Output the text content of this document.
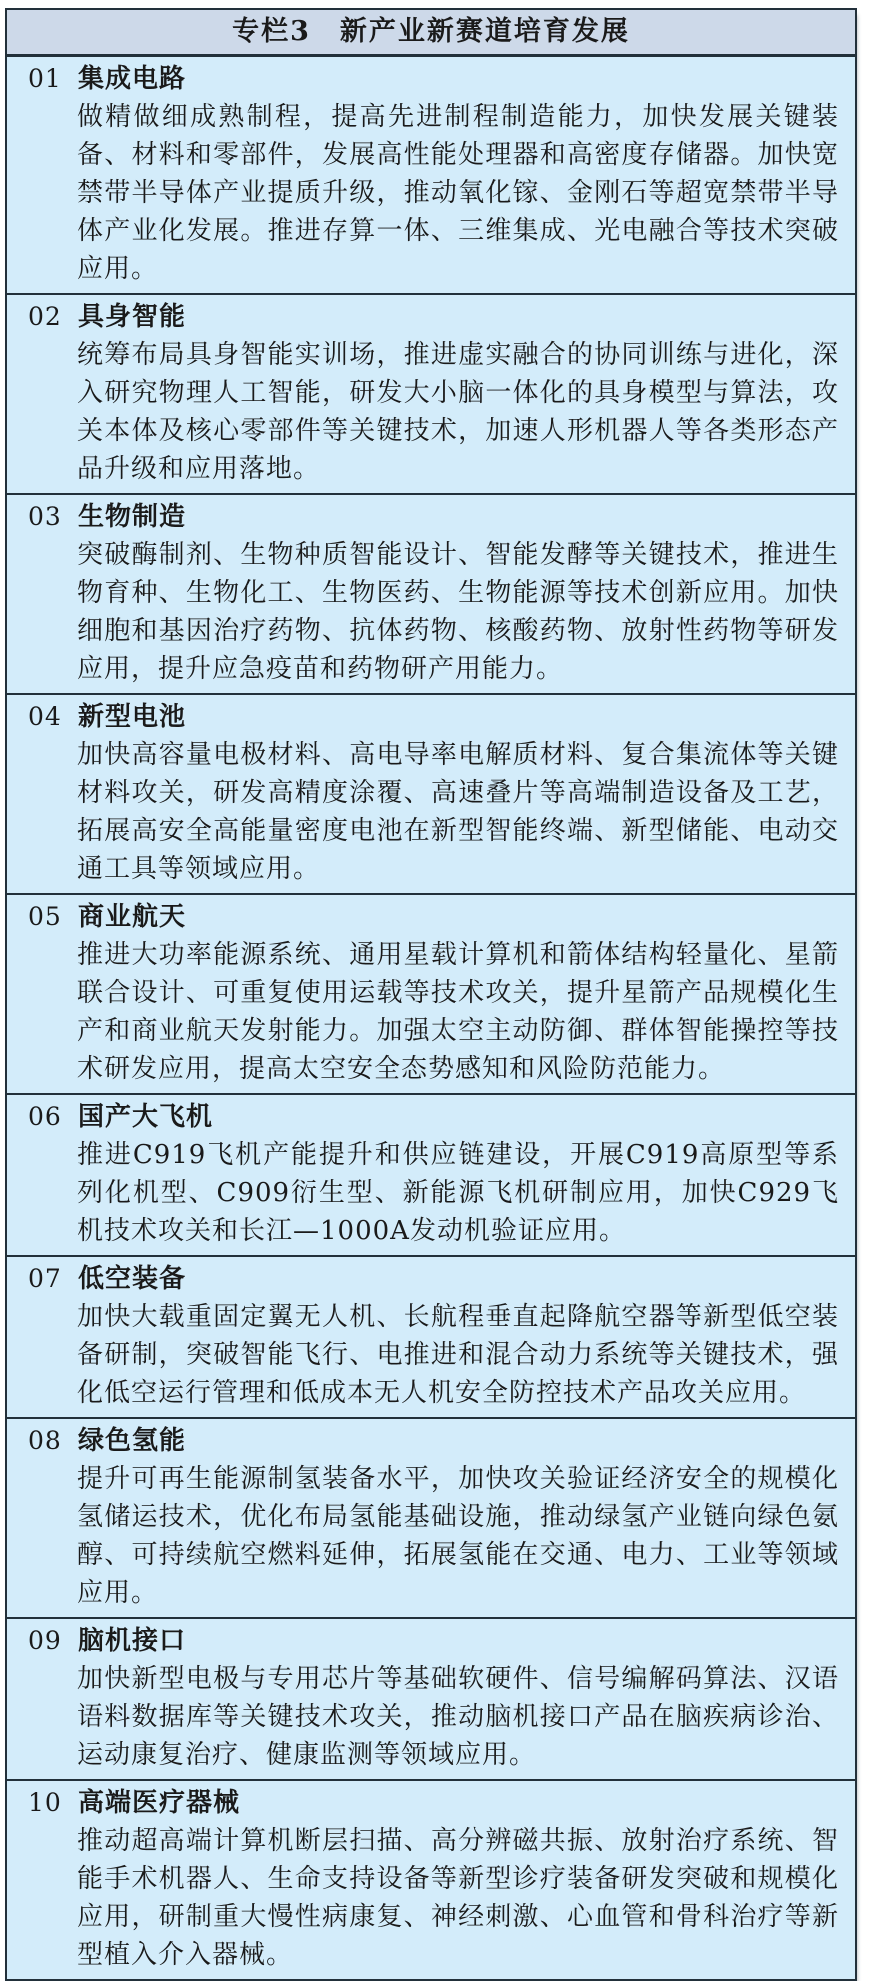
专栏3　新产业新赛道培育发展
01 集成电路

做精做细成熟制程，提高先进制程制造能力，加快发展关键装备、材料和零部件，发展高性能处理器和高密度存储器。加快宽禁带半导体产业提质升级，推动氧化镓、金刚石等超宽禁带半导体产业化发展。推进存算一体、三维集成、光电融合等技术突破应用。

02 具身智能

统筹布局具身智能实训场，推进虚实融合的协同训练与进化，深入研究物理人工智能，研发大小脑一体化的具身模型与算法，攻关本体及核心零部件等关键技术，加速人形机器人等各类形态产品升级和应用落地。

03 生物制造

突破酶制剂、生物种质智能设计、智能发酵等关键技术，推进生物育种、生物化工、生物医药、生物能源等技术创新应用。加快细胞和基因治疗药物、抗体药物、核酸药物、放射性药物等研发应用，提升应急疫苗和药物研产用能力。

04 新型电池

加快高容量电极材料、高电导率电解质材料、复合集流体等关键材料攻关，研发高精度涂覆、高速叠片等高端制造设备及工艺，拓展高安全高能量密度电池在新型智能终端、新型储能、电动交通工具等领域应用。

05 商业航天

推进大功率能源系统、通用星载计算机和箭体结构轻量化、星箭联合设计、可重复使用运载等技术攻关，提升星箭产品规模化生产和商业航天发射能力。加强太空主动防御、群体智能操控等技术研发应用，提高太空安全态势感知和风险防范能力。

06 国产大飞机

推进C919飞机产能提升和供应链建设，开展C919高原型等系列化机型、C909衍生型、新能源飞机研制应用，加快C929飞机技术攻关和长江—1000A发动机验证应用。

07 低空装备

加快大载重固定翼无人机、长航程垂直起降航空器等新型低空装备研制，突破智能飞行、电推进和混合动力系统等关键技术，强化低空运行管理和低成本无人机安全防控技术产品攻关应用。

08 绿色氢能

提升可再生能源制氢装备水平，加快攻关验证经济安全的规模化氢储运技术，优化布局氢能基础设施，推动绿氢产业链向绿色氨醇、可持续航空燃料延伸，拓展氢能在交通、电力、工业等领域应用。

09 脑机接口

加快新型电极与专用芯片等基础软硬件、信号编解码算法、汉语语料数据库等关键技术攻关，推动脑机接口产品在脑疾病诊治、运动康复治疗、健康监测等领域应用。

10 高端医疗器械

推动超高端计算机断层扫描、高分辨磁共振、放射治疗系统、智能手术机器人、生命支持设备等新型诊疗装备研发突破和规模化应用，研制重大慢性病康复、神经刺激、心血管和骨科治疗等新型植入介入器械。
